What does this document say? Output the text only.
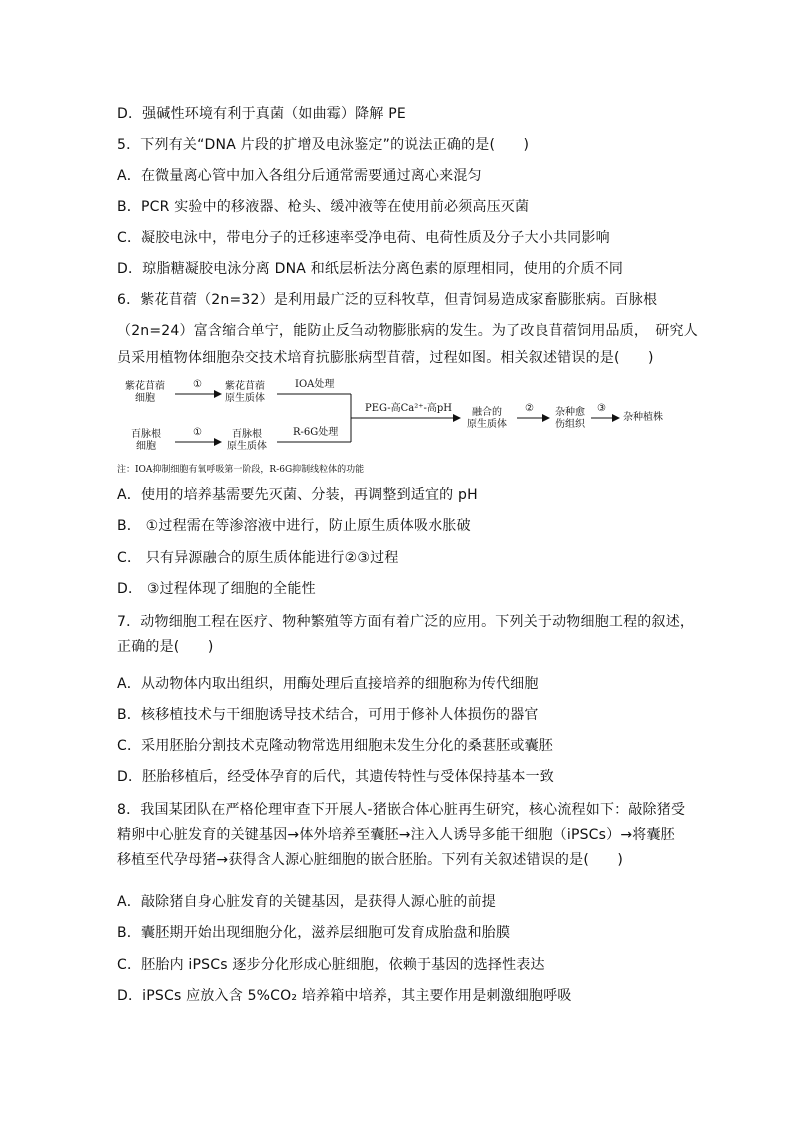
D．强碱性环境有利于真菌（如曲霉）降解 PE
5．下列有关“DNA 片段的扩增及电泳鉴定”的说法正确的是(　　)
A．在微量离心管中加入各组分后通常需要通过离心来混匀
B．PCR 实验中的移液器、枪头、缓冲液等在使用前必须高压灭菌
C．凝胶电泳中，带电分子的迁移速率受净电荷、电荷性质及分子大小共同影响
D．琼脂糖凝胶电泳分离 DNA 和纸层析法分离色素的原理相同，使用的介质不同
6．紫花苜蓿（2n=32）是利用最广泛的豆科牧草，但青饲易造成家畜膨胀病。百脉根
（2n=24）富含缩合单宁，能防止反刍动物膨胀病的发生。为了改良苜蓿饲用品质，　研究人
员采用植物体细胞杂交技术培育抗膨胀病型苜蓿，过程如图。相关叙述错误的是(　　)
紫花苜蓿
细胞
① 紫花苜蓿
原生质体
IOA处理
百脉根
细胞
①	百脉根
原生质体
R-6G处理
PEG-高Ca²⁺-高pH	融合的
原生质体
② 杂种愈
伤组织
③
杂种植株
注：IOA抑制细胞有氧呼吸第一阶段，R-6G抑制线粒体的功能
A．使用的培养基需要先灭菌、分装，再调整到适宜的 pH
B． ①过程需在等渗溶液中进行，防止原生质体吸水胀破
C． 只有异源融合的原生质体能进行②③过程
D． ③过程体现了细胞的全能性
7．动物细胞工程在医疗、物种繁殖等方面有着广泛的应用。下列关于动物细胞工程的叙述，
正确的是(　　)
A．从动物体内取出组织，用酶处理后直接培养的细胞称为传代细胞
B．核移植技术与干细胞诱导技术结合，可用于修补人体损伤的器官
C．采用胚胎分割技术克隆动物常选用细胞未发生分化的桑葚胚或囊胚
D．胚胎移植后，经受体孕育的后代，其遗传特性与受体保持基本一致
8．我国某团队在严格伦理审查下开展人-猪嵌合体心脏再生研究，核心流程如下：敲除猪受
精卵中心脏发育的关键基因→体外培养至囊胚→注入人诱导多能干细胞（iPSCs）→将囊胚
移植至代孕母猪→获得含人源心脏细胞的嵌合胚胎。下列有关叙述错误的是(　　)
A．敲除猪自身心脏发育的关键基因，是获得人源心脏的前提
B．囊胚期开始出现细胞分化，滋养层细胞可发育成胎盘和胎膜
C．胚胎内 iPSCs 逐步分化形成心脏细胞，依赖于基因的选择性表达
D．iPSCs 应放入含 5%CO₂ 培养箱中培养，其主要作用是刺激细胞呼吸
